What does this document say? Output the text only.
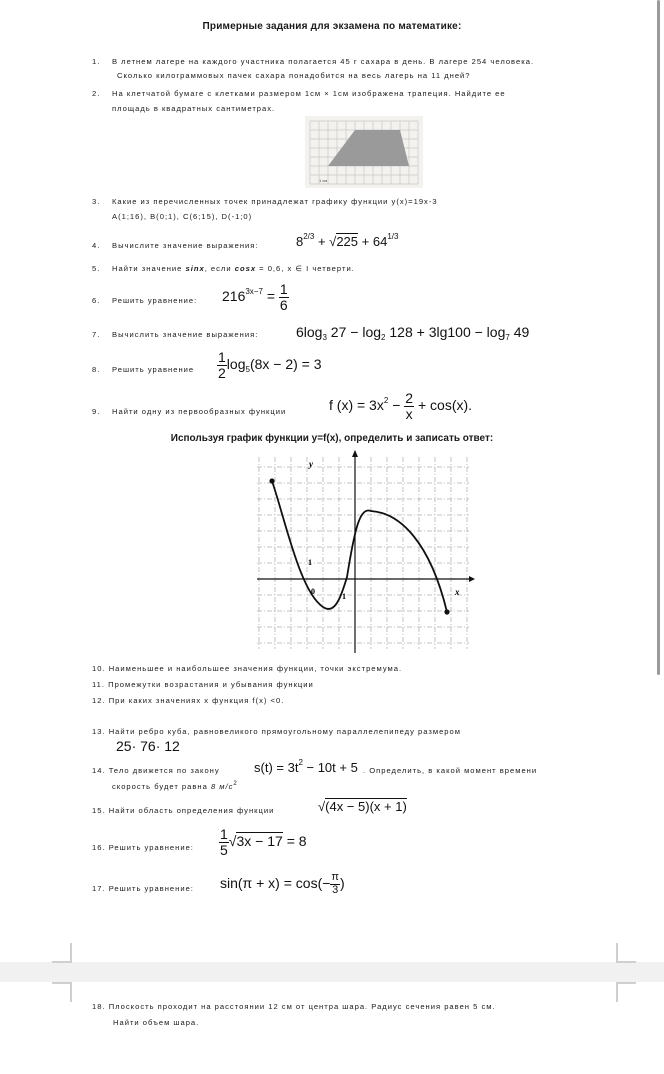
Примерные задания для экзамена по математике:
1. В летнем лагере на каждого участника полагается 45 г сахара в день. В лагере 254 человека.
Сколько килограммовых пачек сахара понадобится на весь лагерь на 11 дней?
2. На клетчатой бумаге с клетками размером 1см × 1см изображена трапеция. Найдите ее
площадь в квадратных сантиметрах.
1 см
3. Какие из перечисленных точек принадлежат графику функции y(x)=19x-3
A(1;16), B(0;1), C(6;15), D(-1;0)
4. Вычислите значение выражения:	$8^{2/3} + √225 + 64^{1/3}$
5. Найти значение sinx, если cosx = 0,6, x ∈ I четверти.
6. Решить уравнение: $216^{3x-7} = \frac{1}{6}$
7. Вычислить значение выражения:	$6\log_3$ $27 - \log_2 128 + 3\lg 100 - \log_7 49$
8. Решить уравнение $\frac{1}{2} \log_5(8x - 2) = 3$
9. Найти одну из первообразных функции	f $(x) = 3x^2 - \frac{2}{x} + \cos(x)$.
Используя график функции y=f(x), определить и записать ответ:
y
x
0
1
1
10. Наименьшее и наибольшее значения функции, точки экстремума.
11. Промежутки возрастания и убывания функции
12. При каких значениях x функция f(x) <0.
13. Найти ребро куба, равновеликого прямоугольному параллелепипеду размером
25· 76· 12
14. Тело движется по закону	$s(t) = 3t^2 - 10t + 5$ . Определить, в какой момент времени
скорость будет равна 8 $м/с^2$
15. Найти область определения функции	√(4x − 5)(x + 1)
16. Решить уравнение: $\frac{1}{5} √3x - 17 = 8$
17. Решить уравнение: $\sin(\pi + x) = \cos(- \frac{\pi}{3}$ )
18. Плоскость проходит на расстоянии 12 см от центра шара. Радиус сечения равен 5 см.
Найти объем шара.
